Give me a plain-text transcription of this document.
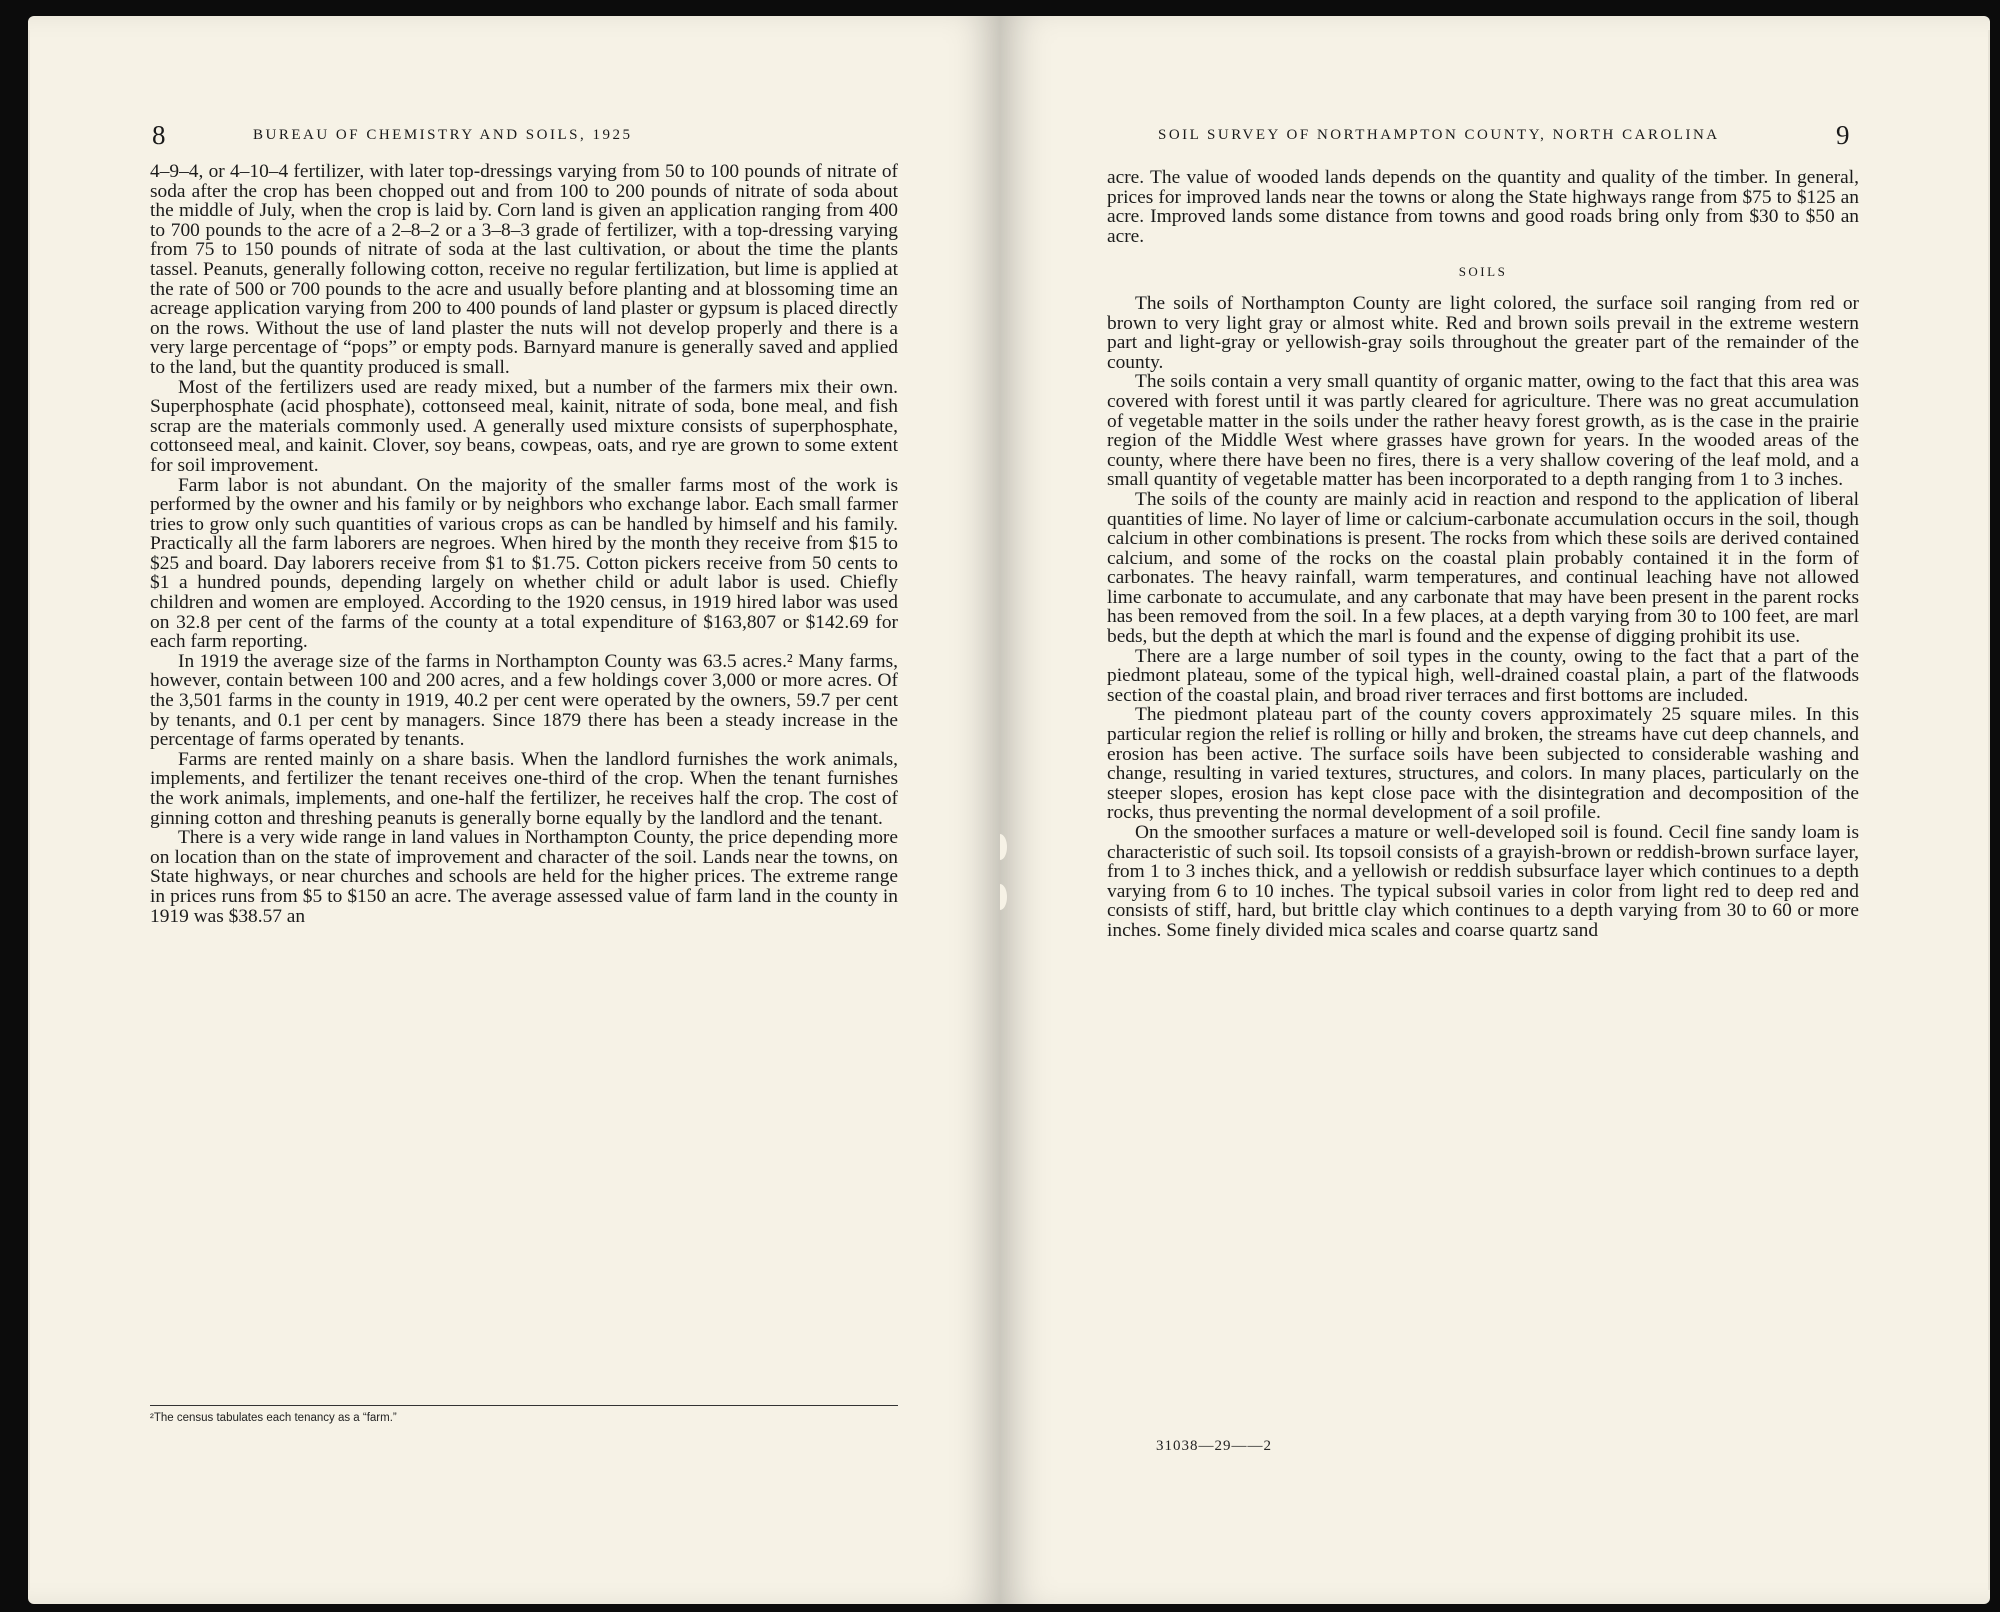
8	BUREAU OF CHEMISTRY AND SOILS, 1925

4–9–4, or 4–10–4 fertilizer, with later top-dressings varying from 50 to 100 pounds of nitrate of soda after the crop has been chopped out and from 100 to 200 pounds of nitrate of soda about the middle of July, when the crop is laid by. Corn land is given an application ranging from 400 to 700 pounds to the acre of a 2–8–2 or a 3–8–3 grade of fertilizer, with a top-dressing varying from 75 to 150 pounds of nitrate of soda at the last cultivation, or about the time the plants tassel. Peanuts, generally following cotton, receive no regular fertilization, but lime is applied at the rate of 500 or 700 pounds to the acre and usually before planting and at blossoming time an acreage application varying from 200 to 400 pounds of land plaster or gypsum is placed directly on the rows. Without the use of land plaster the nuts will not develop properly and there is a very large percentage of “pops” or empty pods. Barnyard manure is generally saved and applied to the land, but the quantity produced is small.

Most of the fertilizers used are ready mixed, but a number of the farmers mix their own. Superphosphate (acid phosphate), cottonseed meal, kainit, nitrate of soda, bone meal, and fish scrap are the materials commonly used. A generally used mixture consists of superphosphate, cottonseed meal, and kainit. Clover, soy beans, cowpeas, oats, and rye are grown to some extent for soil improvement.

Farm labor is not abundant. On the majority of the smaller farms most of the work is performed by the owner and his family or by neighbors who exchange labor. Each small farmer tries to grow only such quantities of various crops as can be handled by himself and his family. Practically all the farm laborers are negroes. When hired by the month they receive from $15 to $25 and board. Day laborers receive from $1 to $1.75. Cotton pickers receive from 50 cents to $1 a hundred pounds, depending largely on whether child or adult labor is used. Chiefly children and women are employed. According to the 1920 census, in 1919 hired labor was used on 32.8 per cent of the farms of the county at a total expenditure of $163,807 or $142.69 for each farm reporting.

In 1919 the average size of the farms in Northampton County was 63.5 acres.² Many farms, however, contain between 100 and 200 acres, and a few holdings cover 3,000 or more acres. Of the 3,501 farms in the county in 1919, 40.2 per cent were operated by the owners, 59.7 per cent by tenants, and 0.1 per cent by managers. Since 1879 there has been a steady increase in the percentage of farms operated by tenants.

Farms are rented mainly on a share basis. When the landlord furnishes the work animals, implements, and fertilizer the tenant receives one-third of the crop. When the tenant furnishes the work animals, implements, and one-half the fertilizer, he receives half the crop. The cost of ginning cotton and threshing peanuts is generally borne equally by the landlord and the tenant.

There is a very wide range in land values in Northampton County, the price depending more on location than on the state of improvement and character of the soil. Lands near the towns, on State highways, or near churches and schools are held for the higher prices. The extreme range in prices runs from $5 to $150 an acre. The average assessed value of farm land in the county in 1919 was $38.57 an

²The census tabulates each tenancy as a “farm.”
SOIL SURVEY OF NORTHAMPTON COUNTY, NORTH CAROLINA	9

acre. The value of wooded lands depends on the quantity and quality of the timber. In general, prices for improved lands near the towns or along the State highways range from $75 to $125 an acre. Improved lands some distance from towns and good roads bring only from $30 to $50 an acre.

SOILS

The soils of Northampton County are light colored, the surface soil ranging from red or brown to very light gray or almost white. Red and brown soils prevail in the extreme western part and light-gray or yellowish-gray soils throughout the greater part of the remainder of the county.

The soils contain a very small quantity of organic matter, owing to the fact that this area was covered with forest until it was partly cleared for agriculture. There was no great accumulation of vegetable matter in the soils under the rather heavy forest growth, as is the case in the prairie region of the Middle West where grasses have grown for years. In the wooded areas of the county, where there have been no fires, there is a very shallow covering of the leaf mold, and a small quantity of vegetable matter has been incorporated to a depth ranging from 1 to 3 inches.

The soils of the county are mainly acid in reaction and respond to the application of liberal quantities of lime. No layer of lime or calcium-carbonate accumulation occurs in the soil, though calcium in other combinations is present. The rocks from which these soils are derived contained calcium, and some of the rocks on the coastal plain probably contained it in the form of carbonates. The heavy rainfall, warm temperatures, and continual leaching have not allowed lime carbonate to accumulate, and any carbonate that may have been present in the parent rocks has been removed from the soil. In a few places, at a depth varying from 30 to 100 feet, are marl beds, but the depth at which the marl is found and the expense of digging prohibit its use.

There are a large number of soil types in the county, owing to the fact that a part of the piedmont plateau, some of the typical high, well-drained coastal plain, a part of the flatwoods section of the coastal plain, and broad river terraces and first bottoms are included.

The piedmont plateau part of the county covers approximately 25 square miles. In this particular region the relief is rolling or hilly and broken, the streams have cut deep channels, and erosion has been active. The surface soils have been subjected to considerable washing and change, resulting in varied textures, structures, and colors. In many places, particularly on the steeper slopes, erosion has kept close pace with the disintegration and decomposition of the rocks, thus preventing the normal development of a soil profile.

On the smoother surfaces a mature or well-developed soil is found. Cecil fine sandy loam is characteristic of such soil. Its topsoil consists of a grayish-brown or reddish-brown surface layer, from 1 to 3 inches thick, and a yellowish or reddish subsurface layer which continues to a depth varying from 6 to 10 inches. The typical subsoil varies in color from light red to deep red and consists of stiff, hard, but brittle clay which continues to a depth varying from 30 to 60 or more inches. Some finely divided mica scales and coarse quartz sand

31038—29——2
